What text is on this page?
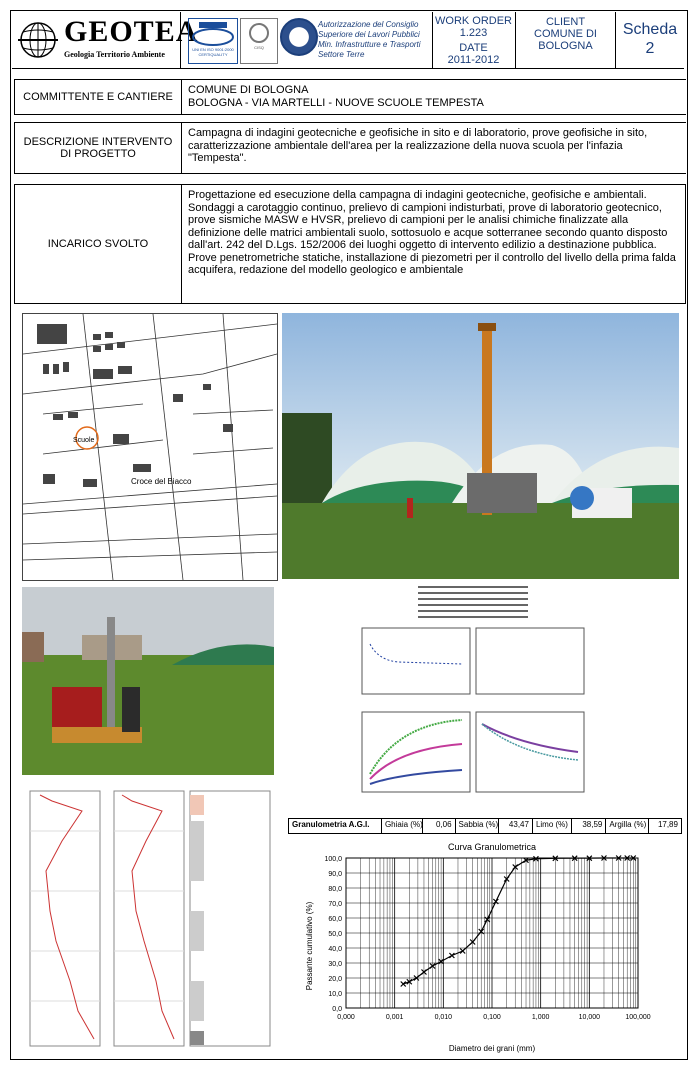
GEOTEA
Geologia Territorio Ambiente
UNI EN ISO 9001:2000 CERTIQUALITY
CISQ
Autorizzazione del Consiglio
Superiore dei Lavori Pubblici
Min. Infrastrutture e Trasporti
Settore Terre
WORK ORDER
1.223
DATE
2011-2012
CLIENT
COMUNE DI
BOLOGNA
Scheda
2
COMMITTENTE E CANTIERE
COMUNE DI BOLOGNA
BOLOGNA - VIA MARTELLI - NUOVE SCUOLE TEMPESTA
DESCRIZIONE INTERVENTO DI PROGETTO
Campagna di indagini geotecniche e geofisiche in sito e di laboratorio, prove geofisiche in sito, caratterizzazione ambientale dell'area per la realizzazione della nuova scuola per l'infazia "Tempesta".
INCARICO SVOLTO
Progettazione ed esecuzione della campagna di indagini geotecniche, geofisiche e ambientali. Sondaggi a carotaggio continuo, prelievo di campioni indisturbati, prove di laboratorio geotecnico, prove sismiche MASW e HVSR, prelievo di campioni per le analisi chimiche finalizzate alla definizione delle matrici ambientali suolo, sottosuolo e acque sotterranee secondo quanto disposto dall'art. 242 del D.Lgs. 152/2006 dei luoghi oggetto di intervento edilizio a destinazione pubblica. Prove penetrometriche statiche, installazione di piezometri per il controllo del livello della prima falda acquifera, redazione del modello geologico e ambientale
Scuole
Croce del Biacco
Granulometria A.G.I.	Ghiaia (%)	0,06 Sabbia (%)	43,47 Limo (%)	38,59 Argilla (%)	17,89
Curva Granulometrica
Diametro dei grani (mm)
Passante cumulativo (%)
0,0
10,0
20,0
30,0
40,0
50,0
60,0
70,0
80,0
90,0
100,0
0,000	0,001	0,010	0,100	1,000	10,000	100,000
